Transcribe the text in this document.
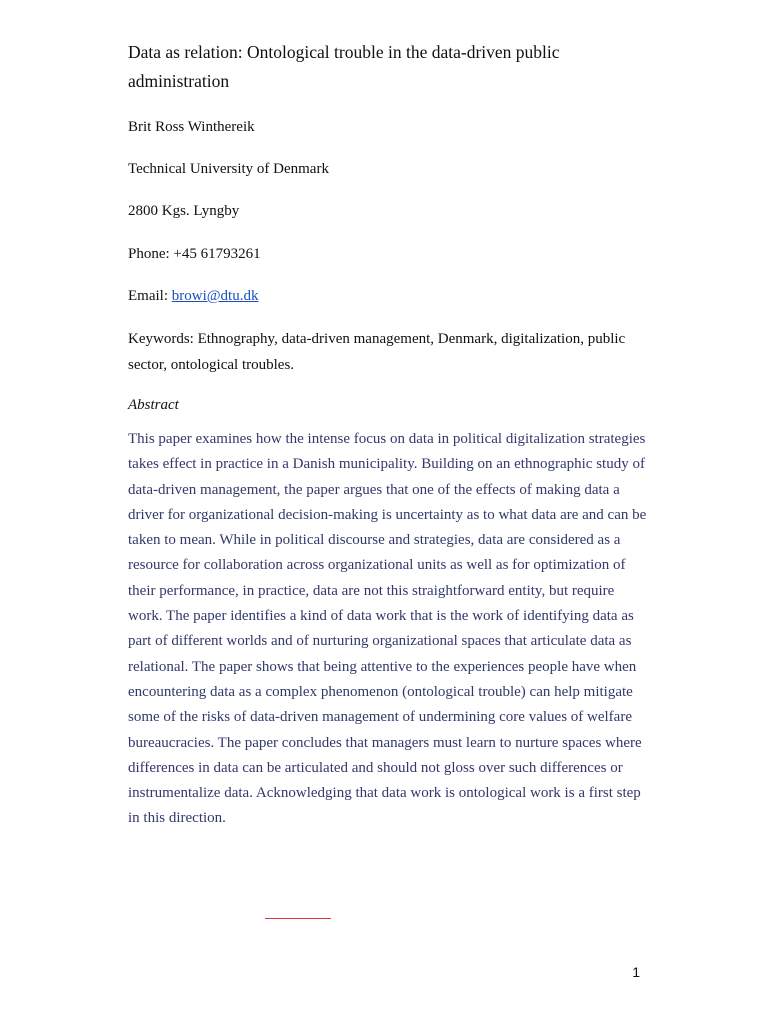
Data as relation: Ontological trouble in the data-driven public administration

Brit Ross Winthereik

Technical University of Denmark

2800 Kgs. Lyngby

Phone: +45 61793261

Email: browi@dtu.dk

Keywords: Ethnography, data-driven management, Denmark, digitalization, public sector, ontological troubles.

Abstract

This paper examines how the intense focus on data in political digitalization strategies takes effect in practice in a Danish municipality. Building on an ethnographic study of data-driven management, the paper argues that one of the effects of making data a driver for organizational decision-making is uncertainty as to what data are and can be taken to mean. While in political discourse and strategies, data are considered as a resource for collaboration across organizational units as well as for optimization of their performance, in practice, data are not this straightforward entity, but require work. The paper identifies a kind of data work that is the work of identifying data as part of different worlds and of nurturing organizational spaces that articulate data as relational. The paper shows that being attentive to the experiences people have when encountering data as a complex phenomenon (ontological trouble) can help mitigate some of the risks of data-driven management of undermining core values of welfare bureaucracies. The paper concludes that managers must learn to nurture spaces where differences in data can be articulated and should not gloss over such differences or instrumentalize data. Acknowledging that data work is ontological work is a first step in this direction.

1
